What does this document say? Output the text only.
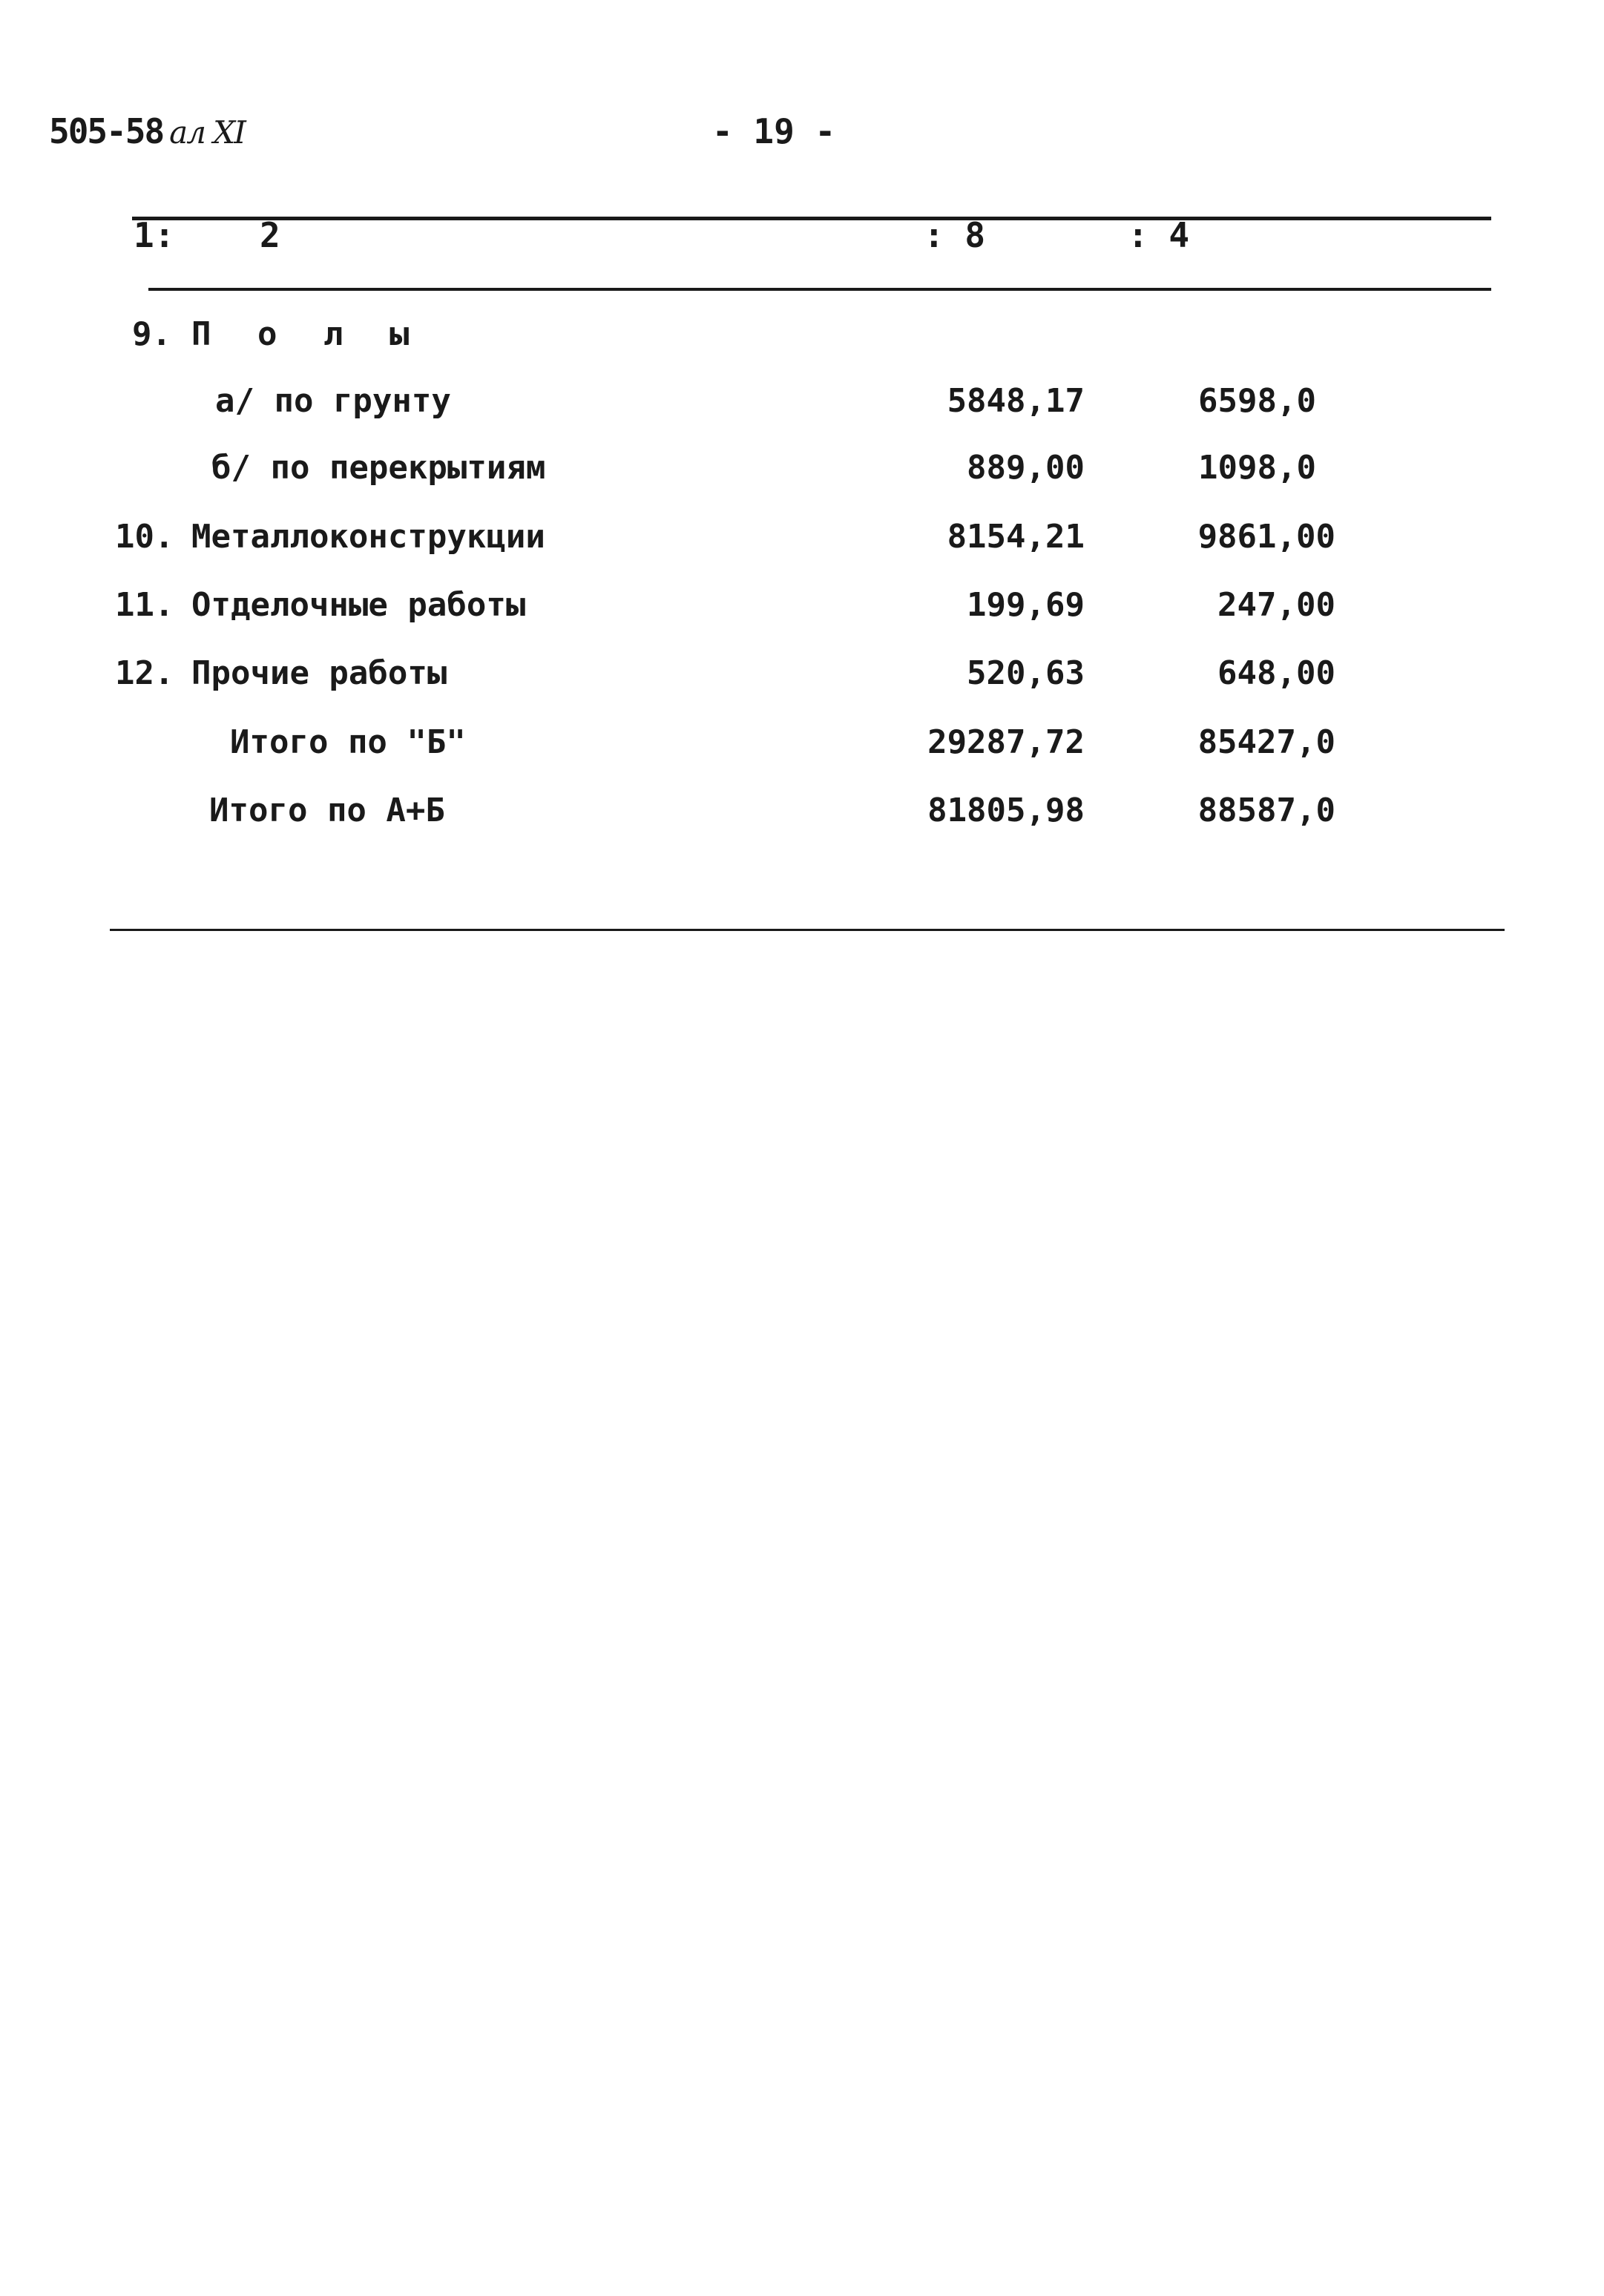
505-58 ал XI	- 19 -
1: 2	: 8	: 4
9. П о л ы
а/ по грунту	5848,17	6598,0
б/ по перекрытиям	889,00	1098,0
10. Металлоконструкции	8154,21	9861,00
11. Отделочные работы	199,69	247,00
12. Прочие работы	520,63	648,00
Итого по "Б"	29287,72	85427,0
Итого по А+Б	81805,98	88587,0
